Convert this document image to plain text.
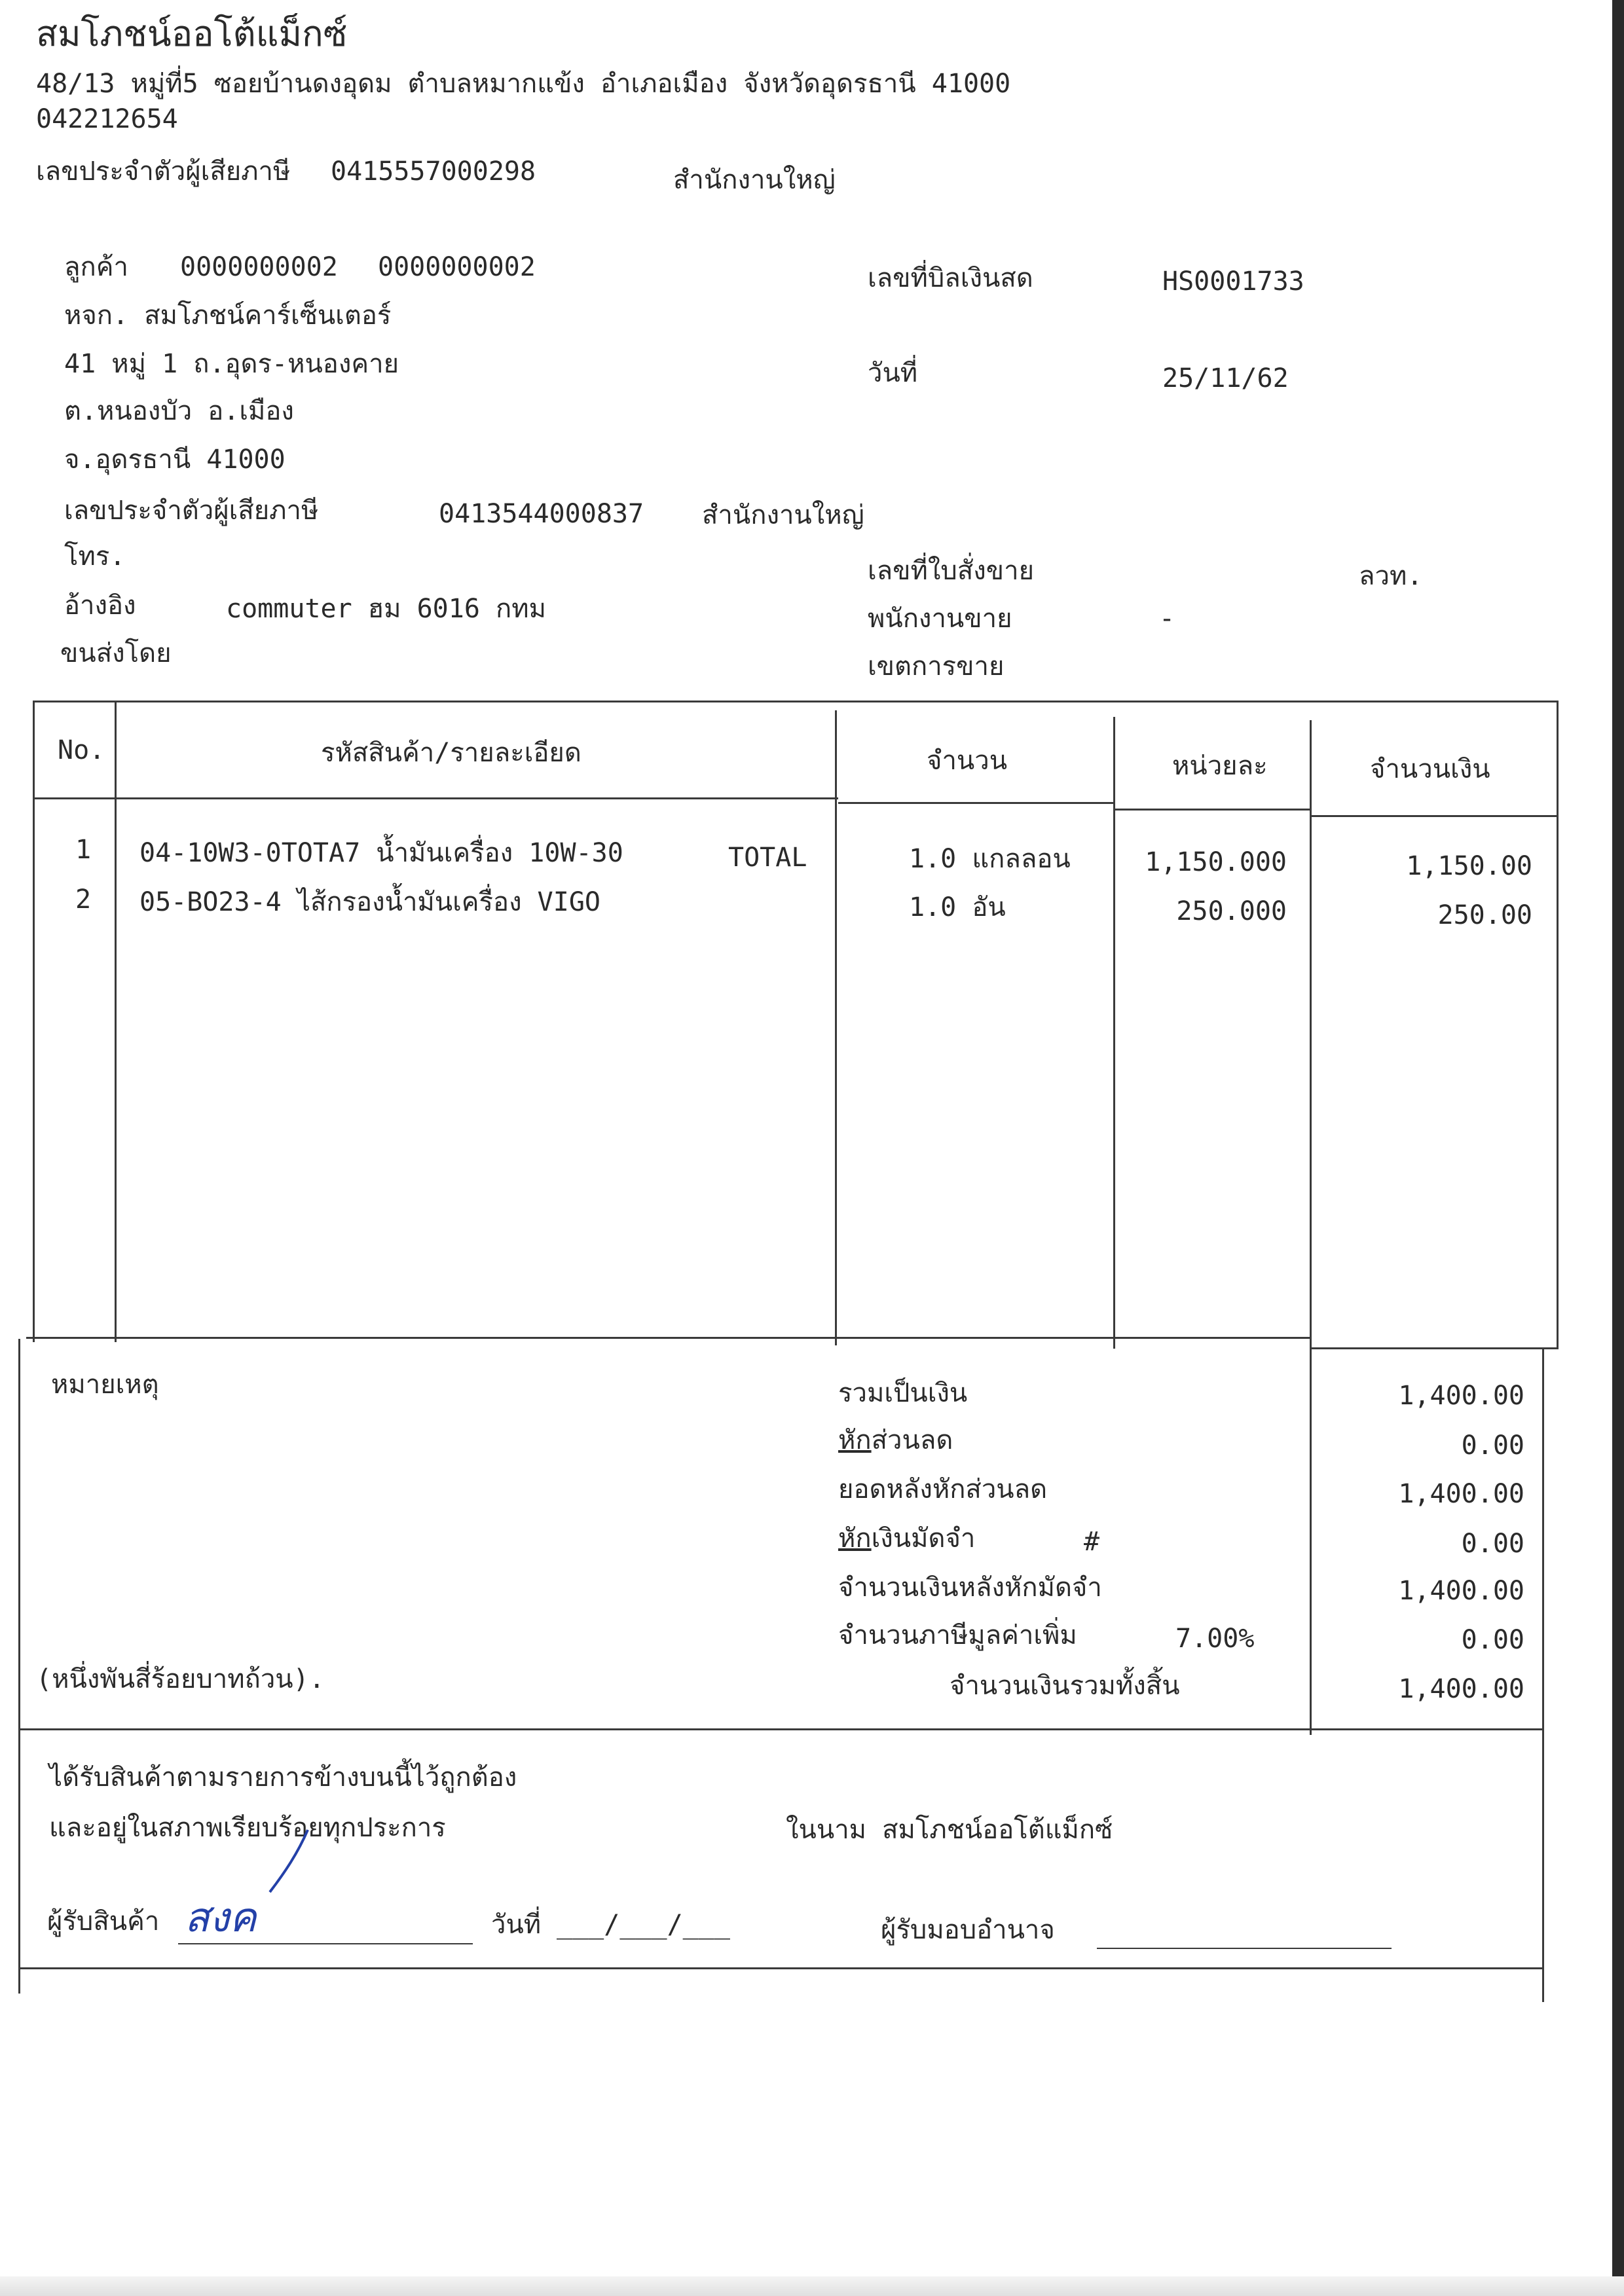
สมโภชน์ออโต้แม็กซ์
48/13 หมู่ที่5 ซอยบ้านดงอุดม ตำบลหมากแข้ง อำเภอเมือง จังหวัดอุดรธานี 41000
042212654
เลขประจำตัวผู้เสียภาษี 0415557000298	สำนักงานใหญ่
ลูกค้า 0000000002 0000000002
หจก. สมโภชน์คาร์เซ็นเตอร์
41 หมู่ 1 ถ.อุดร-หนองคาย
ต.หนองบัว อ.เมือง
จ.อุดรธานี 41000
เลขประจำตัวผู้เสียภาษี	0413544000837 สำนักงานใหญ่
โทร.
อ้างอิง	commuter ฮม 6016 กทม
ขนส่งโดย
เลขที่บิลเงินสด	HS0001733
วันที่	25/11/62
เลขที่ใบสั่งขาย	ลวท.
พนักงานขาย	-
เขตการขาย
No.	รหัสสินค้า/รายละเอียด	จำนวน	หน่วยละ	จำนวนเงิน
1 04-10W3-0TOTA7 น้ำมันเครื่อง 10W-30	TOTAL	1.0 แกลลอน	1,150.000	1,150.00
2 05-BO23-4 ไส้กรองน้ำมันเครื่อง VIGO	1.0 อัน	250.000	250.00
หมายเหตุ
(หนึ่งพันสี่ร้อยบาทถ้วน).
รวมเป็นเงิน	1,400.00
หักส่วนลด	0.00
ยอดหลังหักส่วนลด	1,400.00
หักเงินมัดจำ	#	0.00
จำนวนเงินหลังหักมัดจำ	1,400.00
จำนวนภาษีมูลค่าเพิ่ม	7.00%	0.00
จำนวนเงินรวมทั้งสิ้น	1,400.00
ได้รับสินค้าตามรายการข้างบนนี้ไว้ถูกต้อง
และอยู่ในสภาพเรียบร้อยทุกประการ	ในนาม สมโภชน์ออโต้แม็กซ์
ผู้รับสินค้า สงค	วันที่ ___/___/___	ผู้รับมอบอำนาจ
